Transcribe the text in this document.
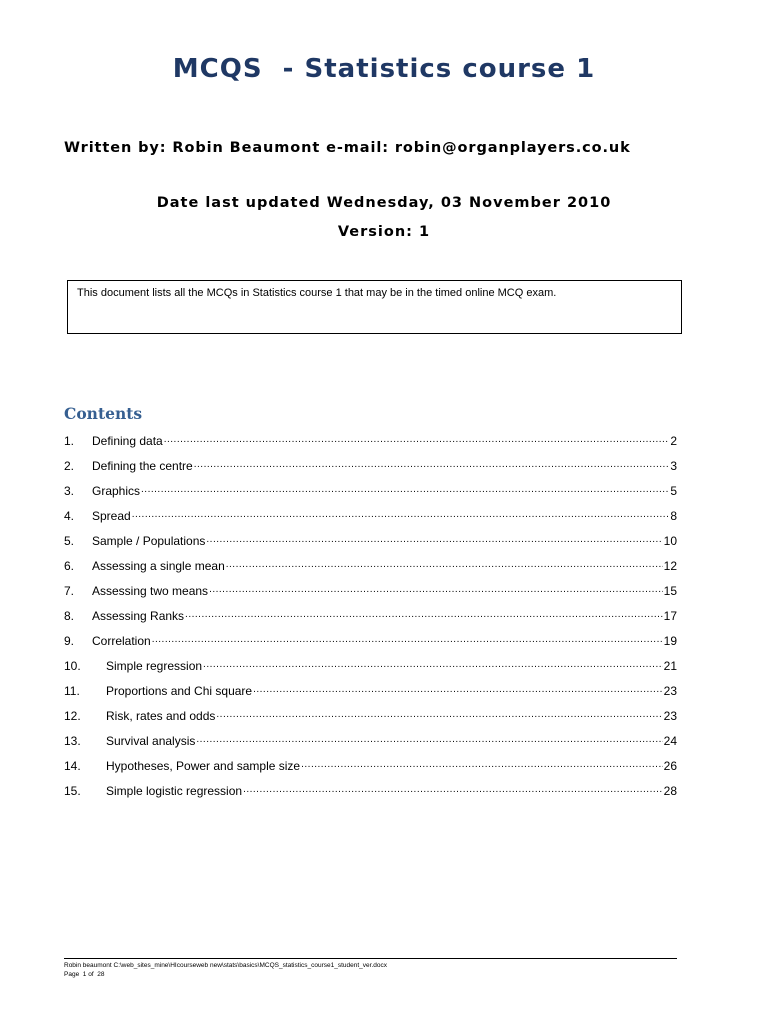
MCQS  - Statistics course 1
Written by: Robin Beaumont e-mail: robin@organplayers.co.uk
Date last updated Wednesday, 03 November 2010
Version: 1
This document lists all the MCQs in Statistics course 1 that may be in the timed online MCQ exam.
Contents
1.	Defining data .....	2
2.	Defining the centre .....	3
3.	Graphics .....	5
4.	Spread .....	8
5.	Sample / Populations .....	10
6.	Assessing a single mean .....	12
7.	Assessing two means .....	15
8.	Assessing Ranks .....	17
9.	Correlation .....	19
10.	Simple regression .....	21
11.	Proportions and Chi square .....	23
12.	Risk, rates and odds .....	23
13.	Survival analysis .....	24
14.	Hypotheses, Power and sample size .....	26
15.	Simple logistic regression .....	28
Robin beaumont C:\web_sites_mine\HIcourseweb new\stats\basics\MCQS_statistics_course1_student_ver.docx
Page  1 of  28
